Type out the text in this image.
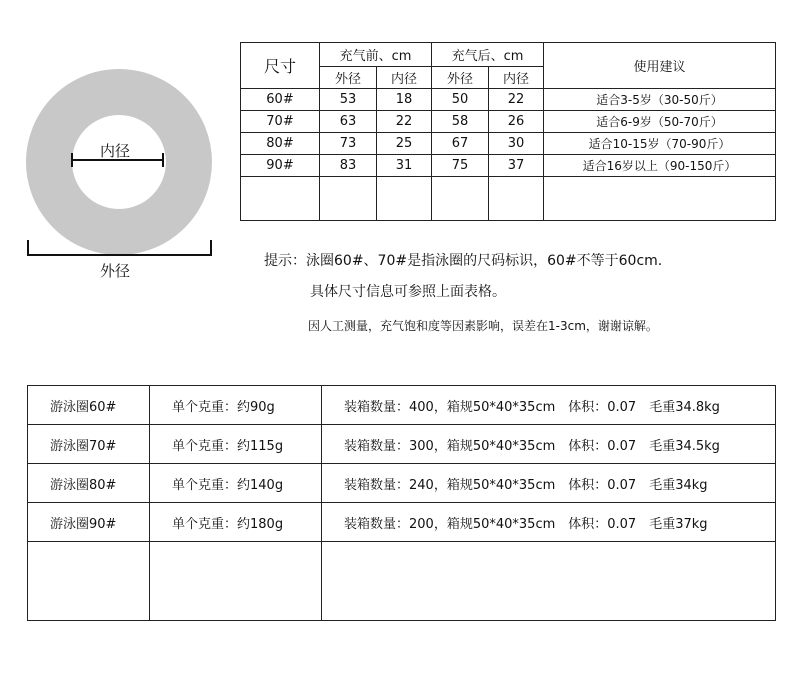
内径
外径
尺寸	充气前、cm		充气后、cm		使用建议
	外径	内径	外径	内径	
60#	53	18	50	22	适合3-5岁（30-50斤）
70#	63	22	58	26	适合6-9岁（50-70斤）
80#	73	25	67	30	适合10-15岁（70-90斤）
90#	83	31	75	37	适合16岁以上（90-150斤）

提示：泳圈60#、70#是指泳圈的尺码标识，60#不等于60cm.
具体尺寸信息可参照上面表格。
因人工测量，充气饱和度等因素影响，误差在1-3cm，谢谢谅解。
游泳圈60#	单个克重：约90g	装箱数量：400，箱规50*40*35cm　体积：0.07　毛重34.8kg
游泳圈70#	单个克重：约115g	装箱数量：300，箱规50*40*35cm　体积：0.07　毛重34.5kg
游泳圈80#	单个克重：约140g	装箱数量：240，箱规50*40*35cm　体积：0.07　毛重34kg
游泳圈90#	单个克重：约180g	装箱数量：200，箱规50*40*35cm　体积：0.07　毛重37kg
